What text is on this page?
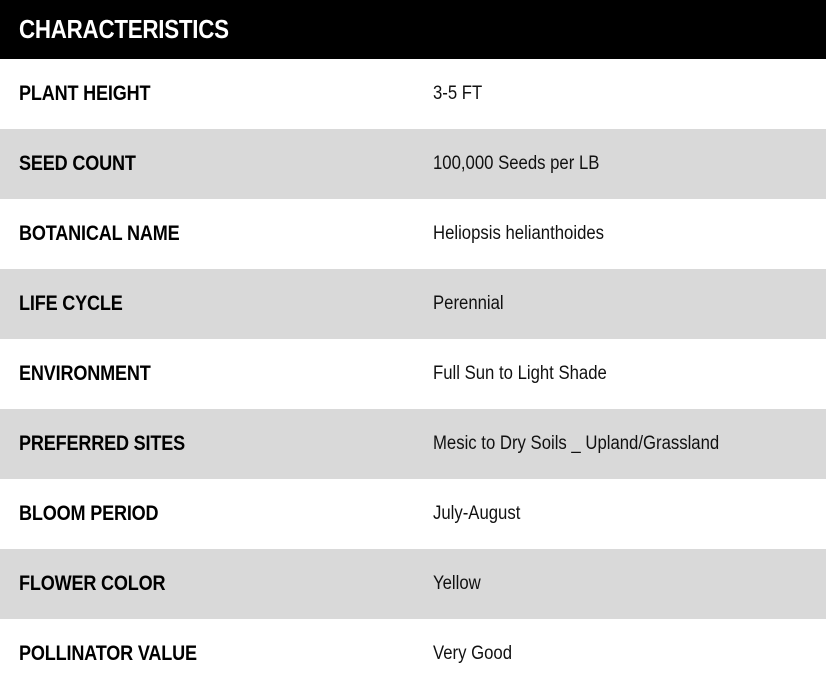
CHARACTERISTICS
PLANT HEIGHT	3-5 FT
SEED COUNT	100,000 Seeds per LB
BOTANICAL NAME	Heliopsis helianthoides
LIFE CYCLE	Perennial
ENVIRONMENT	Full Sun to Light Shade
PREFERRED SITES	Mesic to Dry Soils _ Upland/Grassland
BLOOM PERIOD	July-August
FLOWER COLOR	Yellow
POLLINATOR VALUE	Very Good
